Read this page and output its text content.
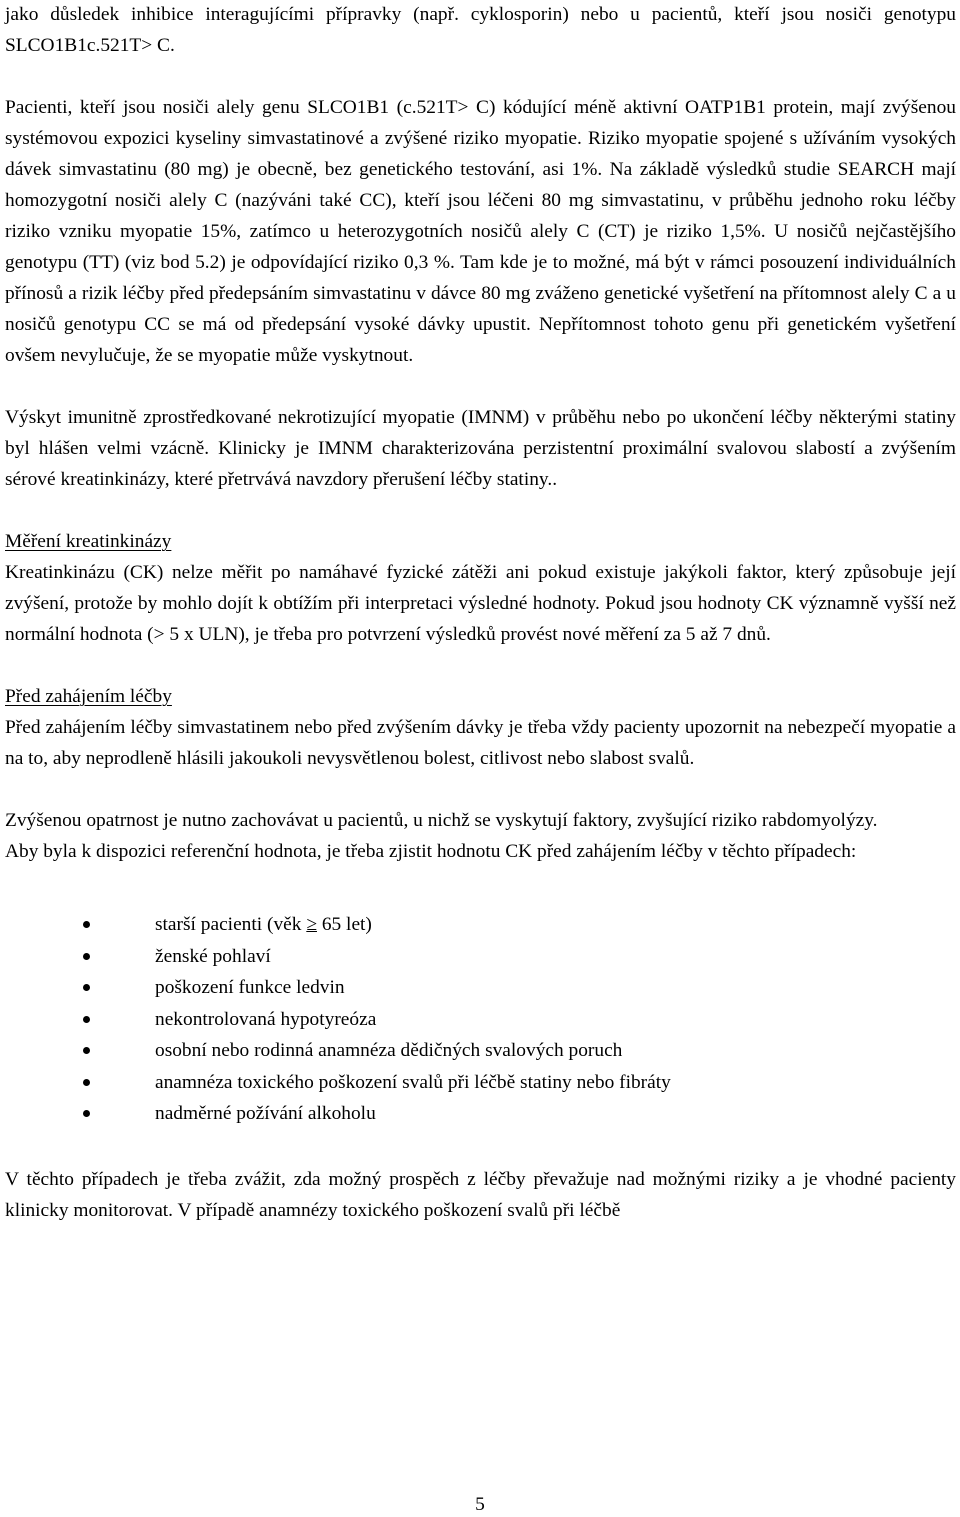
jako důsledek inhibice interagujícími přípravky (např. cyklosporin) nebo u pacientů, kteří jsou nosiči genotypu SLCO1B1c.521T> C.

Pacienti, kteří jsou nosiči alely genu SLCO1B1 (c.521T> C) kódující méně aktivní OATP1B1 protein, mají zvýšenou systémovou expozici kyseliny simvastatinové a zvýšené riziko myopatie. Riziko myopatie spojené s užíváním vysokých dávek simvastatinu (80 mg) je obecně, bez genetického testování, asi 1%. Na základě výsledků studie SEARCH mají homozygotní nosiči alely C (nazýváni také CC), kteří jsou léčeni 80 mg simvastatinu, v průběhu jednoho roku léčby riziko vzniku myopatie 15%, zatímco u heterozygotních nosičů alely C (CT) je riziko 1,5%. U nosičů nejčastějšího genotypu (TT) (viz bod 5.2) je odpovídající riziko 0,3 %. Tam kde je to možné, má být v rámci posouzení individuálních přínosů a rizik léčby před předepsáním simvastatinu v dávce 80 mg zváženo genetické vyšetření na přítomnost alely C a u nosičů genotypu CC se má od předepsání vysoké dávky upustit. Nepřítomnost tohoto genu při genetickém vyšetření ovšem nevylučuje, že se myopatie může vyskytnout.

Výskyt imunitně zprostředkované nekrotizující myopatie (IMNM) v průběhu nebo po ukončení léčby některými statiny byl hlášen velmi vzácně. Klinicky je IMNM charakterizována perzistentní proximální svalovou slabostí a zvýšením sérové kreatinkinázy, které přetrvává navzdory přerušení léčby statiny..

Měření kreatinkinázy

Kreatinkinázu (CK) nelze měřit po namáhavé fyzické zátěži ani pokud existuje jakýkoli faktor, který způsobuje její zvýšení, protože by mohlo dojít k obtížím při interpretaci výsledné hodnoty. Pokud jsou hodnoty CK významně vyšší než normální hodnota (> 5 x ULN), je třeba pro potvrzení výsledků provést nové měření za 5 až 7 dnů.

Před zahájením léčby

Před zahájením léčby simvastatinem nebo před zvýšením dávky je třeba vždy pacienty upozornit na nebezpečí myopatie a na to, aby neprodleně hlásili jakoukoli nevysvětlenou bolest, citlivost nebo slabost svalů.

Zvýšenou opatrnost je nutno zachovávat u pacientů, u nichž se vyskytují faktory, zvyšující riziko rabdomyolýzy.

Aby byla k dispozici referenční hodnota, je třeba zjistit hodnotu CK před zahájením léčby v těchto případech:

starší pacienti (věk ≥ 65 let)
ženské pohlaví
poškození funkce ledvin
nekontrolovaná hypotyreóza
osobní nebo rodinná anamnéza dědičných svalových poruch
anamnéza toxického poškození svalů při léčbě statiny nebo fibráty
nadměrné požívání alkoholu

V těchto případech je třeba zvážit, zda možný prospěch z léčby převažuje nad možnými riziky a je vhodné pacienty klinicky monitorovat. V případě anamnézy toxického poškození svalů při léčbě

5
